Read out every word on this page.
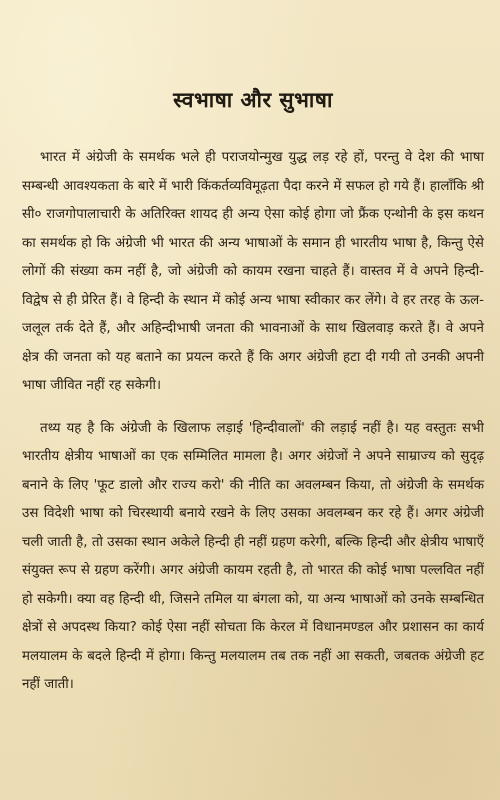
स्वभाषा और सुभाषा

भारत में अंग्रेजी के समर्थक भले ही पराजयोन्मुख युद्ध लड़ रहे हों, परन्तु वे देश की भाषा सम्बन्धी आवश्यकता के बारे में भारी किंकर्तव्यविमूढ़ता पैदा करने में सफल हो गये हैं। हालाँकि श्री सी० राजगोपालाचारी के अतिरिक्त शायद ही अन्य ऐसा कोई होगा जो फ्रैंक एन्थोनी के इस कथन का समर्थक हो कि अंग्रेजी भी भारत की अन्य भाषाओं के समान ही भारतीय भाषा है, किन्तु ऐसे लोगों की संख्या कम नहीं है, जो अंग्रेजी को कायम रखना चाहते हैं। वास्तव में वे अपने हिन्दी-विद्वेष से ही प्रेरित हैं। वे हिन्दी के स्थान में कोई अन्य भाषा स्वीकार कर लेंगे। वे हर तरह के ऊल-जलूल तर्क देते हैं, और अहिन्दीभाषी जनता की भावनाओं के साथ खिलवाड़ करते हैं। वे अपने क्षेत्र की जनता को यह बताने का प्रयत्न करते हैं कि अगर अंग्रेजी हटा दी गयी तो उनकी अपनी भाषा जीवित नहीं रह सकेगी।

तथ्य यह है कि अंग्रेजी के खिलाफ लड़ाई 'हिन्दीवालों' की लड़ाई नहीं है। यह वस्तुतः सभी भारतीय क्षेत्रीय भाषाओं का एक सम्मिलित मामला है। अगर अंग्रेजों ने अपने साम्राज्य को सुदृढ़ बनाने के लिए 'फूट डालो और राज्य करो' की नीति का अवलम्बन किया, तो अंग्रेजी के समर्थक उस विदेशी भाषा को चिरस्थायी बनाये रखने के लिए उसका अवलम्बन कर रहे हैं। अगर अंग्रेजी चली जाती है, तो उसका स्थान अकेले हिन्दी ही नहीं ग्रहण करेगी, बल्कि हिन्दी और क्षेत्रीय भाषाएँ संयुक्त रूप से ग्रहण करेंगी। अगर अंग्रेजी कायम रहती है, तो भारत की कोई भाषा पल्लवित नहीं हो सकेगी। क्या वह हिन्दी थी, जिसने तमिल या बंगला को, या अन्य भाषाओं को उनके सम्बन्धित क्षेत्रों से अपदस्थ किया? कोई ऐसा नहीं सोचता कि केरल में विधानमण्डल और प्रशासन का कार्य मलयालम के बदले हिन्दी में होगा। किन्तु मलयालम तब तक नहीं आ सकती, जबतक अंग्रेजी हट नहीं जाती।
